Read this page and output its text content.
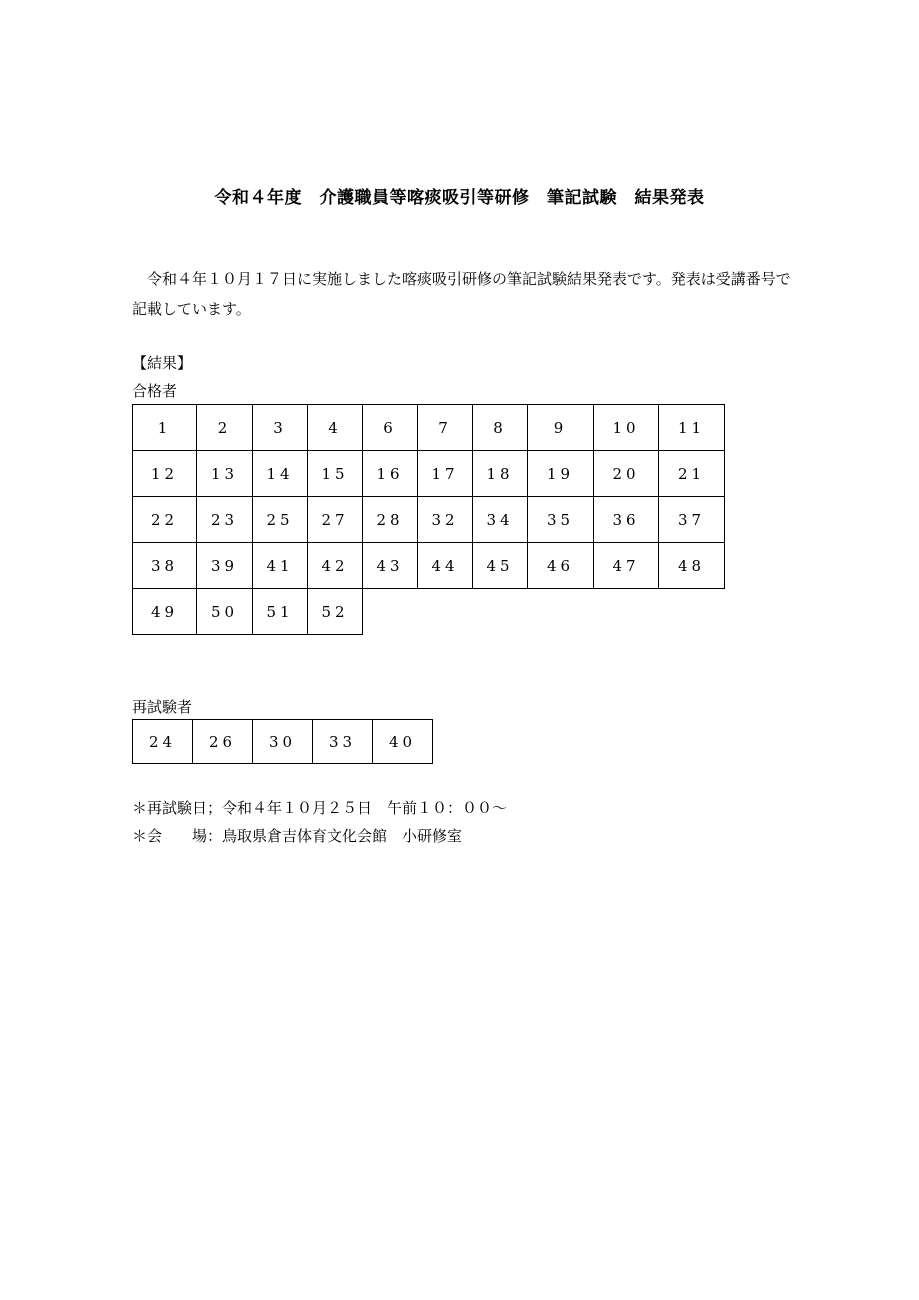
令和４年度　介護職員等喀痰吸引等研修　筆記試験　結果発表
令和４年１０月１７日に実施しました喀痰吸引研修の筆記試験結果発表です。発表は受講番号で記載しています。
【結果】
合格者
1	2	3	4	6	7	8	9	10	11
12	13	14	15	16	17	18	19	20	21
22	23	25	27	28	32	34	35	36	37
38	39	41	42	43	44	45	46	47	48
49	50	51	52						
再試験者
24	26	30	33	40
＊再試験日；令和４年１０月２５日　午前１０：００～
＊会　　場：鳥取県倉吉体育文化会館　小研修室
